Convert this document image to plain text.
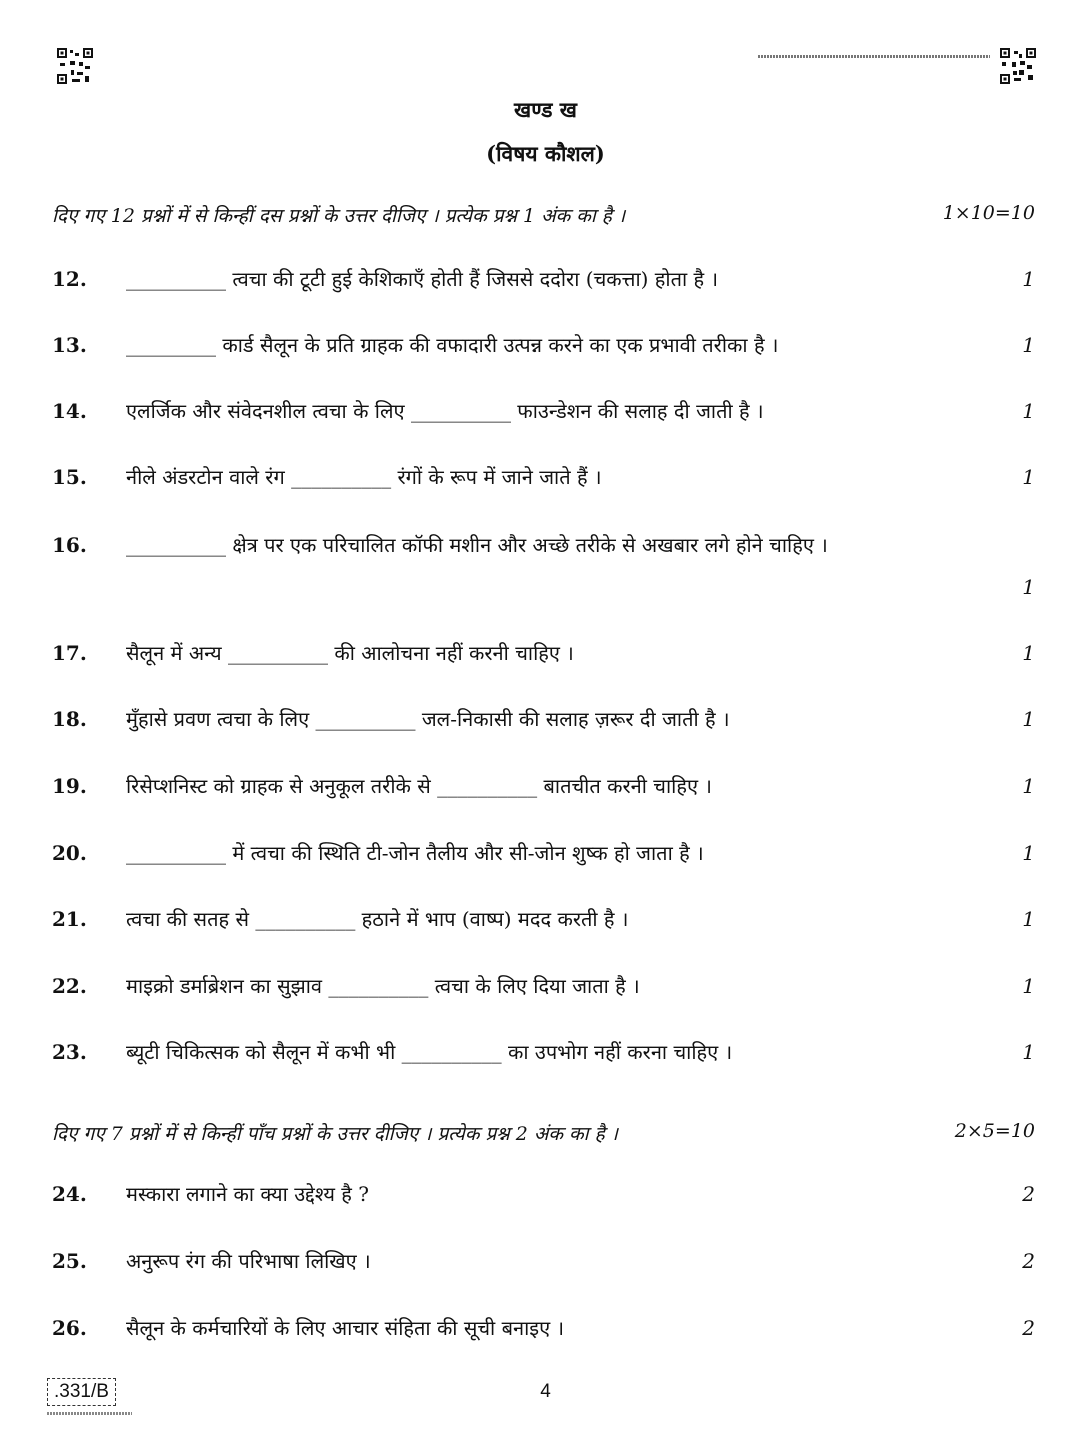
खण्ड ख
(विषय कौशल)
दिए गए 12 प्रश्नों में से किन्हीं दस प्रश्नों के उत्तर दीजिए । प्रत्येक प्रश्न 1 अंक का है ।	1×10=10
12. __________ त्वचा की टूटी हुई केशिकाएँ होती हैं जिससे ददोरा (चकत्ता) होता है ।	1
13. _________ कार्ड सैलून के प्रति ग्राहक की वफादारी उत्पन्न करने का एक प्रभावी तरीका है ।	1
14. एलर्जिक और संवेदनशील त्वचा के लिए __________ फाउन्डेशन की सलाह दी जाती है ।	1
15. नीले अंडरटोन वाले रंग __________ रंगों के रूप में जाने जाते हैं ।	1
16. __________ क्षेत्र पर एक परिचालित कॉफी मशीन और अच्छे तरीके से अखबार लगे होने चाहिए ।
1
17. सैलून में अन्य __________ की आलोचना नहीं करनी चाहिए ।	1
18. मुँहासे प्रवण त्वचा के लिए __________ जल-निकासी की सलाह ज़रूर दी जाती है ।	1
19. रिसेप्शनिस्ट को ग्राहक से अनुकूल तरीके से __________ बातचीत करनी चाहिए ।	1
20. __________ में त्वचा की स्थिति टी-जोन तैलीय और सी-जोन शुष्क हो जाता है ।	1
21. त्वचा की सतह से __________ हठाने में भाप (वाष्प) मदद करती है ।	1
22. माइक्रो डर्माब्रेशन का सुझाव __________ त्वचा के लिए दिया जाता है ।	1
23. ब्यूटी चिकित्सक को सैलून में कभी भी __________ का उपभोग नहीं करना चाहिए ।	1
दिए गए 7 प्रश्नों में से किन्हीं पाँच प्रश्नों के उत्तर दीजिए । प्रत्येक प्रश्न 2 अंक का है ।	2×5=10
24. मस्कारा लगाने का क्या उद्देश्य है ?	2
25. अनुरूप रंग की परिभाषा लिखिए ।	2
26. सैलून के कर्मचारियों के लिए आचार संहिता की सूची बनाइए ।	2
.331/B	4
